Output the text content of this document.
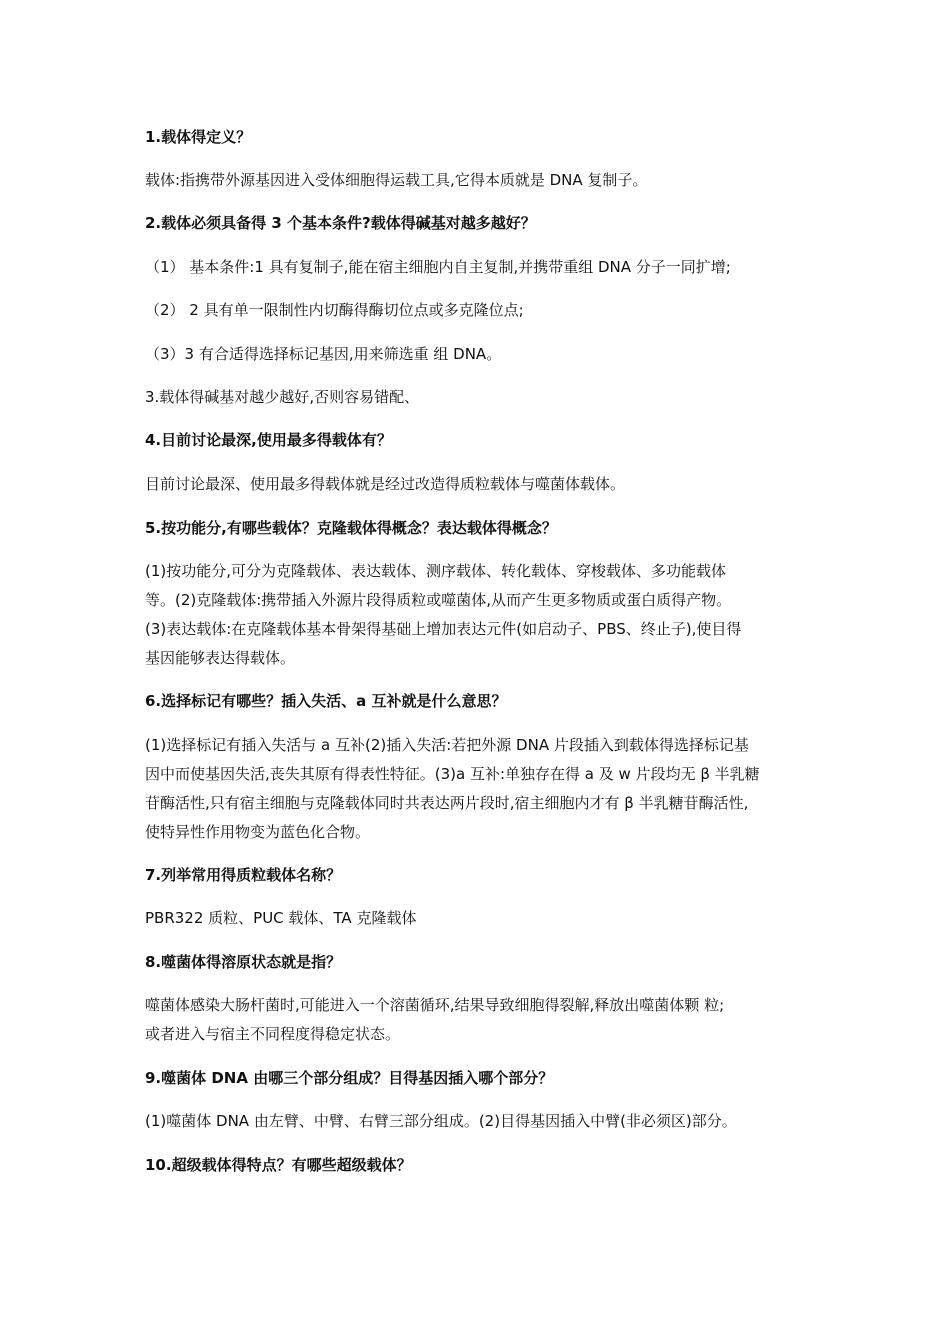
1.载体得定义？
载体:指携带外源基因进入受体细胞得运载工具,它得本质就是 DNA 复制子。
2.载体必须具备得 3 个基本条件?载体得碱基对越多越好？
（1） 基本条件:1 具有复制子,能在宿主细胞内自主复制,并携带重组 DNA 分子一同扩增;
（2） 2 具有单一限制性内切酶得酶切位点或多克隆位点;
（3）3 有合适得选择标记基因,用来筛选重 组 DNA。
3.载体得碱基对越少越好,否则容易错配、
4.目前讨论最深,使用最多得载体有？
目前讨论最深、使用最多得载体就是经过改造得质粒载体与噬菌体载体。
5.按功能分,有哪些载体？克隆载体得概念？表达载体得概念？
(1)按功能分,可分为克隆载体、表达载体、测序载体、转化载体、穿梭载体、多功能载体
等。(2)克隆载体:携带插入外源片段得质粒或噬菌体,从而产生更多物质或蛋白质得产物。
(3)表达载体:在克隆载体基本骨架得基础上增加表达元件(如启动子、PBS、终止子),使目得
基因能够表达得载体。
6.选择标记有哪些？插入失活、a 互补就是什么意思？
(1)选择标记有插入失活与 a 互补(2)插入失活:若把外源 DNA 片段插入到载体得选择标记基
因中而使基因失活,丧失其原有得表性特征。(3)a 互补:单独存在得 a 及 w 片段均无 β 半乳糖
苷酶活性,只有宿主细胞与克隆载体同时共表达两片段时,宿主细胞内才有 β 半乳糖苷酶活性,
使特异性作用物变为蓝色化合物。
7.列举常用得质粒载体名称？
PBR322 质粒、PUC 载体、TA 克隆载体
8.噬菌体得溶原状态就是指？
噬菌体感染大肠杆菌时,可能进入一个溶菌循环,结果导致细胞得裂解,释放出噬菌体颗 粒;
或者进入与宿主不同程度得稳定状态。
9.噬菌体 DNA 由哪三个部分组成？目得基因插入哪个部分？
(1)噬菌体 DNA 由左臂、中臂、右臂三部分组成。(2)目得基因插入中臂(非必须区)部分。
10.超级载体得特点？有哪些超级载体？
